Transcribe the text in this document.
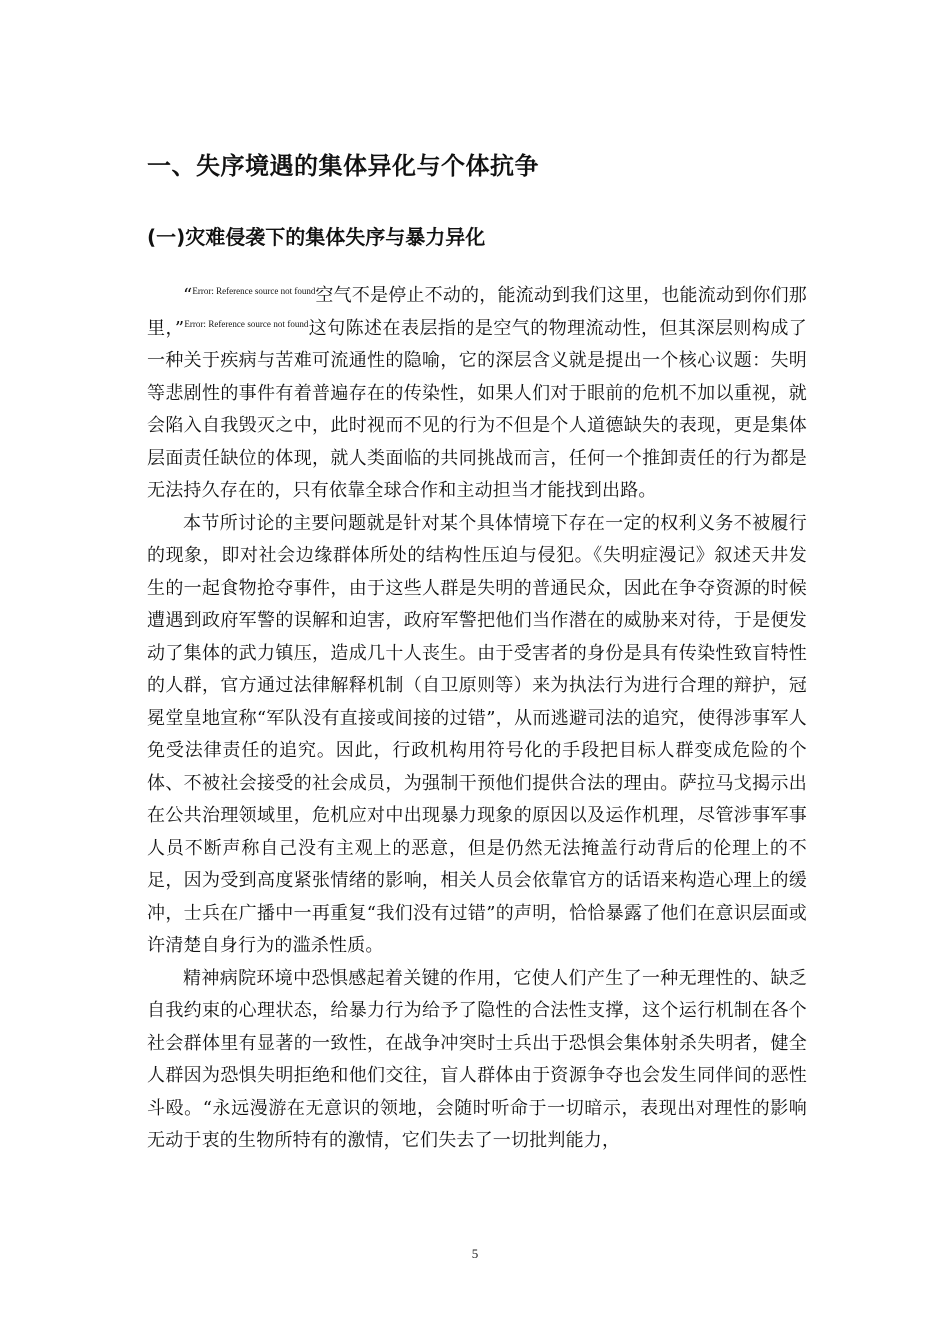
一、失序境遇的集体异化与个体抗争
(一)灾难侵袭下的集体失序与暴力异化

“$^{Error: Reference source not found}$空气不是停止不动的，能流动到我们这里，也能流动到你们那里，”$^{Error: Reference source not found}$这句陈述在表层指的是空气的物理流动性，但其深层则构成了一种关于疾病与苦难可流通性的隐喻，它的深层含义就是提出一个核心议题：失明等悲剧性的事件有着普遍存在的传染性，如果人们对于眼前的危机不加以重视，就会陷入自我毁灭之中，此时视而不见的行为不但是个人道德缺失的表现，更是集体层面责任缺位的体现，就人类面临的共同挑战而言，任何一个推卸责任的行为都是无法持久存在的，只有依靠全球合作和主动担当才能找到出路。

本节所讨论的主要问题就是针对某个具体情境下存在一定的权利义务不被履行的现象，即对社会边缘群体所处的结构性压迫与侵犯。《失明症漫记》叙述天井发生的一起食物抢夺事件，由于这些人群是失明的普通民众，因此在争夺资源的时候遭遇到政府军警的误解和迫害，政府军警把他们当作潜在的威胁来对待，于是便发动了集体的武力镇压，造成几十人丧生。由于受害者的身份是具有传染性致盲特性的人群，官方通过法律解释机制（自卫原则等）来为执法行为进行合理的辩护，冠冕堂皇地宣称“军队没有直接或间接的过错”，从而逃避司法的追究，使得涉事军人免受法律责任的追究。因此，行政机构用符号化的手段把目标人群变成危险的个体、不被社会接受的社会成员，为强制干预他们提供合法的理由。萨拉马戈揭示出在公共治理领域里，危机应对中出现暴力现象的原因以及运作机理，尽管涉事军事人员不断声称自己没有主观上的恶意，但是仍然无法掩盖行动背后的伦理上的不足，因为受到高度紧张情绪的影响，相关人员会依靠官方的话语来构造心理上的缓冲，士兵在广播中一再重复“我们没有过错”的声明，恰恰暴露了他们在意识层面或许清楚自身行为的滥杀性质。

精神病院环境中恐惧感起着关键的作用，它使人们产生了一种无理性的、缺乏自我约束的心理状态，给暴力行为给予了隐性的合法性支撑，这个运行机制在各个社会群体里有显著的一致性，在战争冲突时士兵出于恐惧会集体射杀失明者，健全人群因为恐惧失明拒绝和他们交往，盲人群体由于资源争夺也会发生同伴间的恶性斗殴。“永远漫游在无意识的领地，会随时听命于一切暗示，表现出对理性的影响无动于衷的生物所特有的激情，它们失去了一切批判能力，

5
